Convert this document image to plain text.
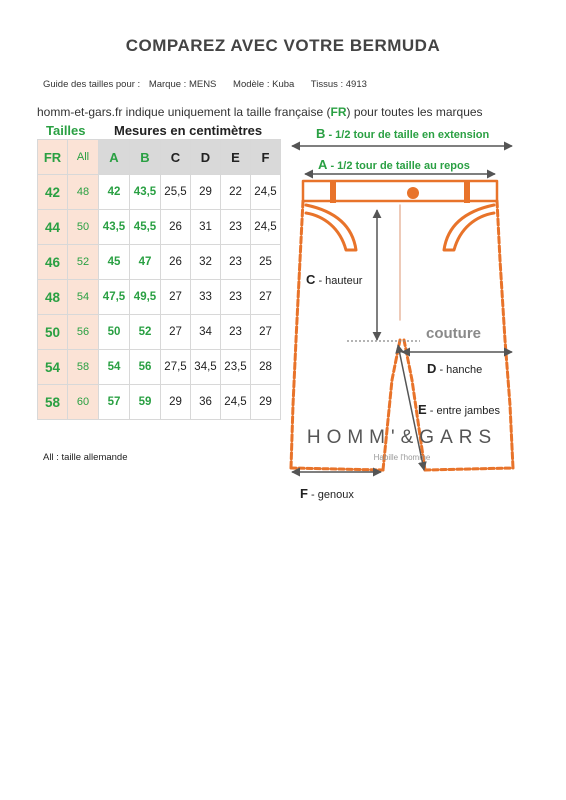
COMPAREZ AVEC VOTRE BERMUDA
Guide des tailles pour : Marque : MENS Modèle : Kuba Tissus : 4913
homm-et-gars.fr indique uniquement la taille française (FR) pour toutes les marques
Tailles Mesures en centimètres
FR	All	A	B	C	D	E	F
42	48	42	43,5	25,5	29	22	24,5
44	50	43,5	45,5	26	31	23	24,5
46	52	45	47	26	32	23	25
48	54	47,5	49,5	27	33	23	27
50	56	50	52	27	34	23	27
54	58	54	56	27,5	34,5	23,5	28
58	60	57	59	29	36	24,5	29
All : taille allemande
B - 1/2 tour de taille en extension
A - 1/2 tour de taille au repos
C - hauteur
couture
D - hanche
E - entre jambes
F - genoux
HOMM'&GARS
Habille l'homme
